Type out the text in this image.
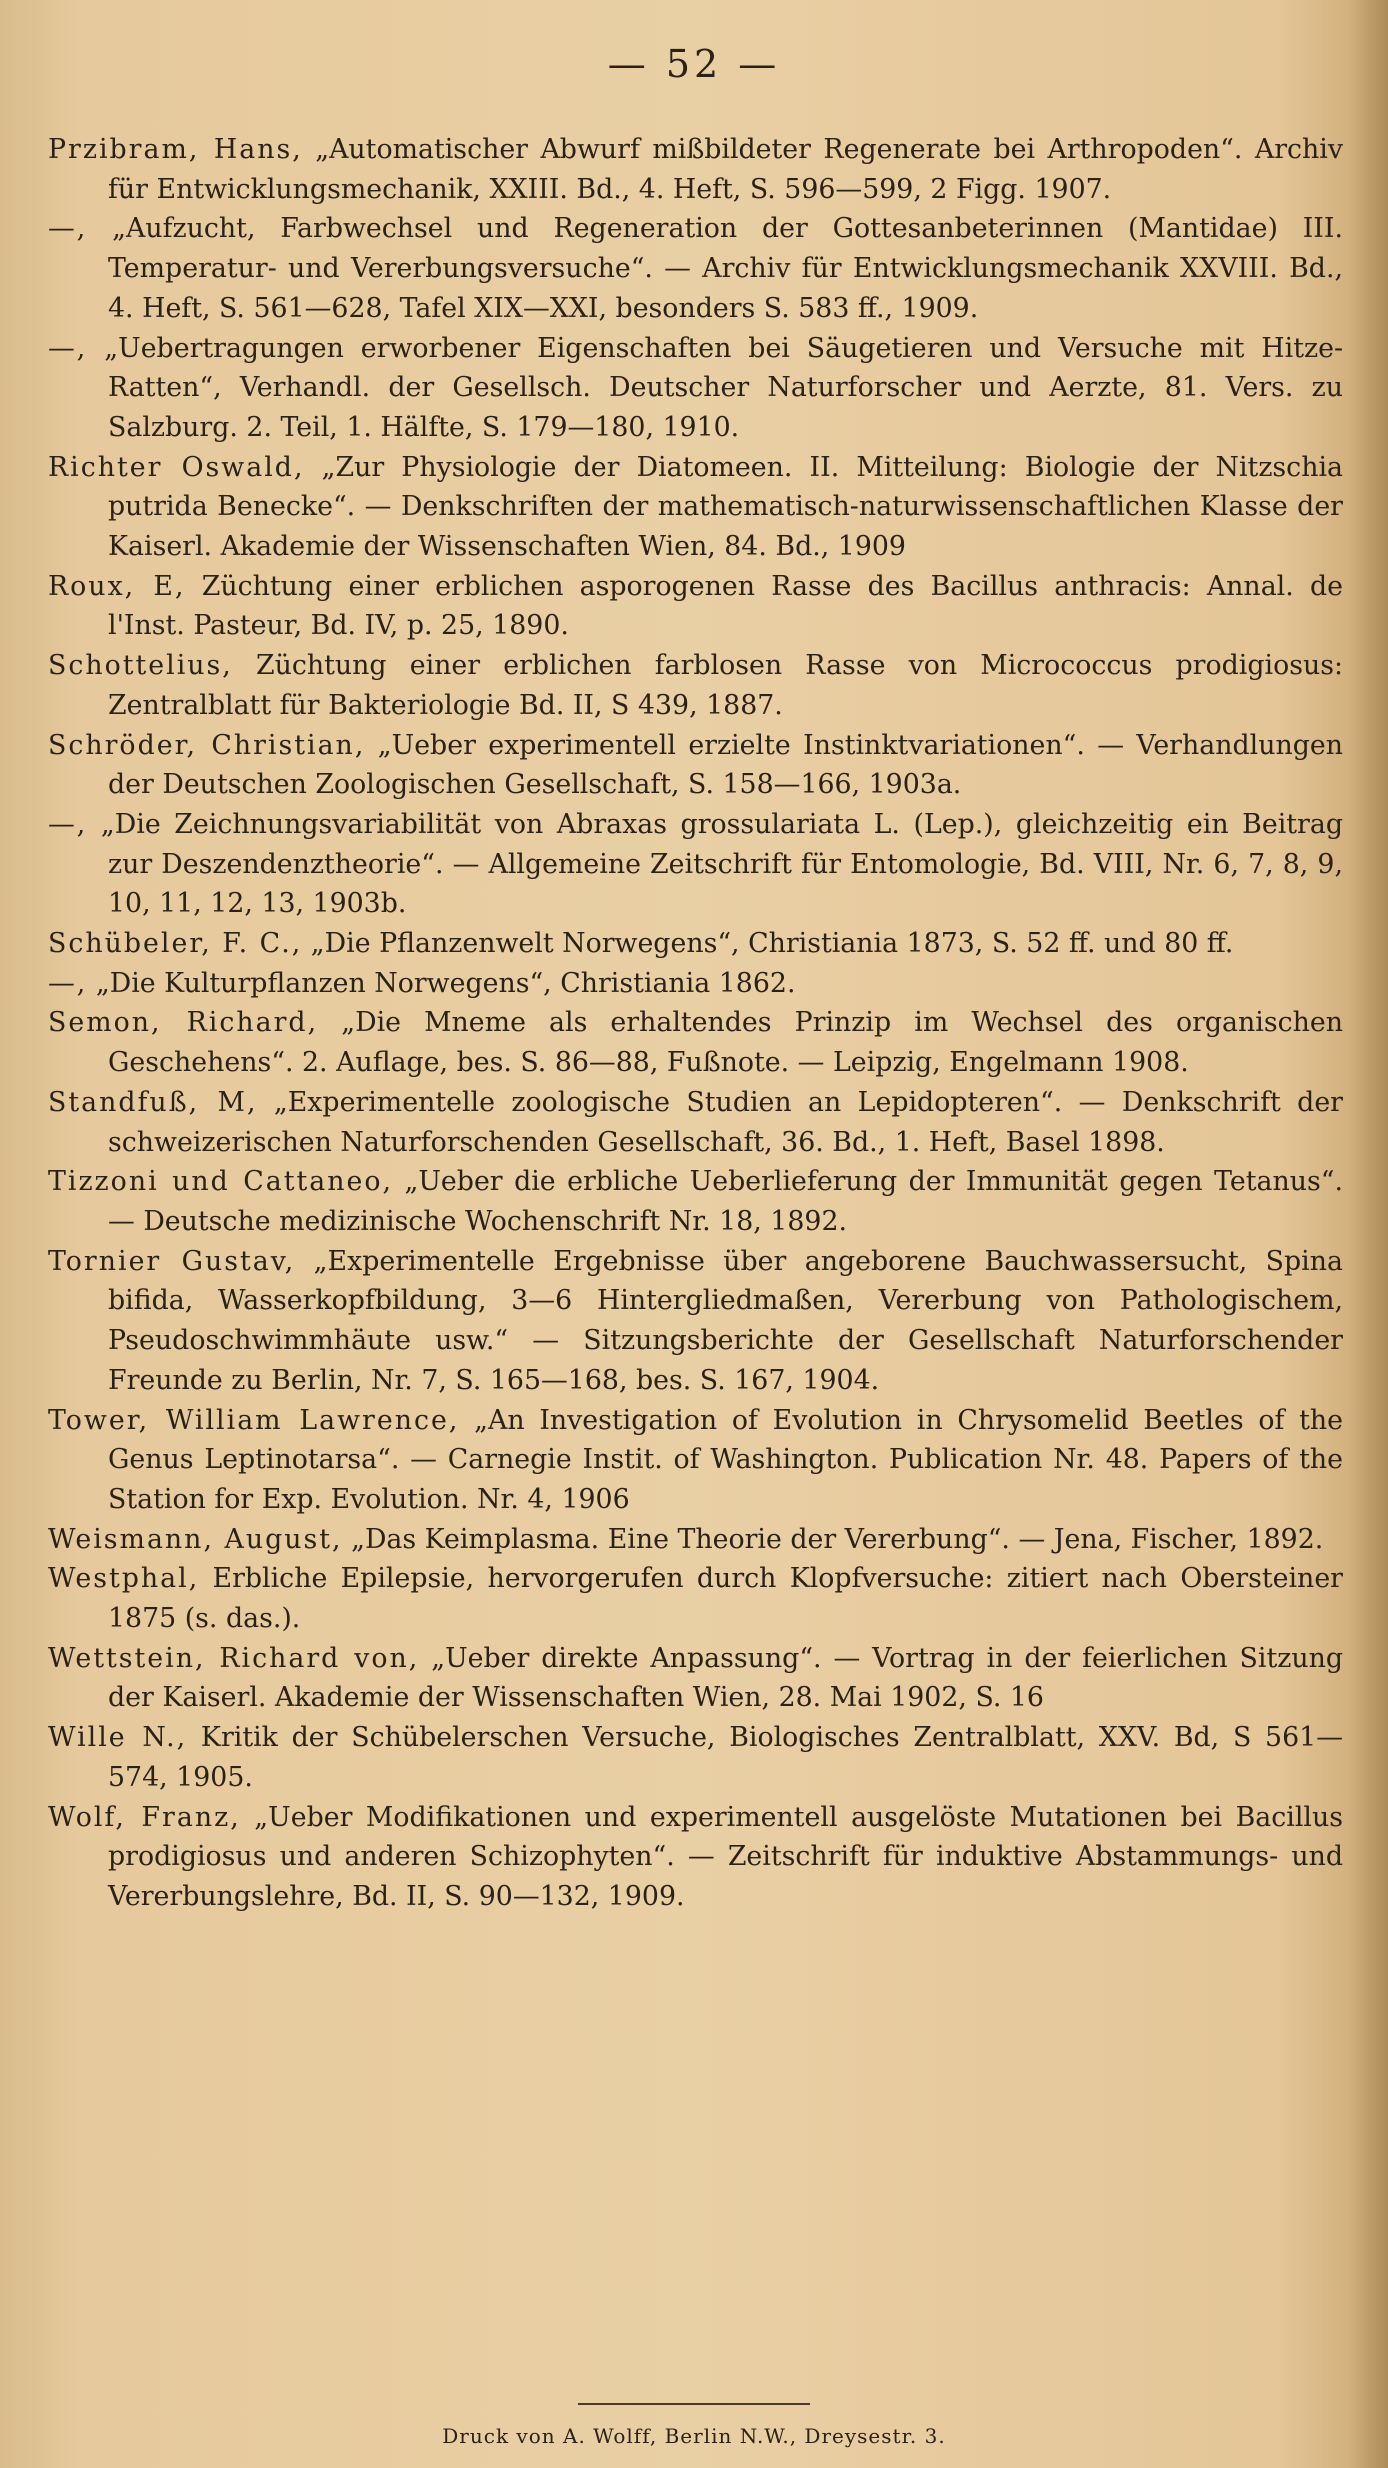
— 52 —

Przibram, Hans, „Automatischer Abwurf mißbildeter Regenerate bei Arthropoden“. Archiv für Entwicklungsmechanik, XXIII. Bd., 4. Heft, S. 596—599, 2 Figg. 1907.

—, „Aufzucht, Farbwechsel und Regeneration der Gottesanbeterinnen (Mantidae) III. Temperatur- und Vererbungsversuche“. — Archiv für Entwicklungsmechanik XXVIII. Bd., 4. Heft, S. 561—628, Tafel XIX—XXI, besonders S. 583 ff., 1909.

—, „Uebertragungen erworbener Eigenschaften bei Säugetieren und Versuche mit Hitze-Ratten“, Verhandl. der Gesellsch. Deutscher Naturforscher und Aerzte, 81. Vers. zu Salzburg. 2. Teil, 1. Hälfte, S. 179—180, 1910.

Richter Oswald, „Zur Physiologie der Diatomeen. II. Mitteilung: Biologie der Nitzschia putrida Benecke“. — Denkschriften der mathematisch-naturwissenschaftlichen Klasse der Kaiserl. Akademie der Wissenschaften Wien, 84. Bd., 1909

Roux, E, Züchtung einer erblichen asporogenen Rasse des Bacillus anthracis: Annal. de l'Inst. Pasteur, Bd. IV, p. 25, 1890.

Schottelius, Züchtung einer erblichen farblosen Rasse von Micrococcus prodigiosus: Zentralblatt für Bakteriologie Bd. II, S 439, 1887.

Schröder, Christian, „Ueber experimentell erzielte Instinktvariationen“. — Verhandlungen der Deutschen Zoologischen Gesellschaft, S. 158—166, 1903a.

—, „Die Zeichnungsvariabilität von Abraxas grossulariata L. (Lep.), gleichzeitig ein Beitrag zur Deszendenztheorie“. — Allgemeine Zeitschrift für Entomologie, Bd. VIII, Nr. 6, 7, 8, 9, 10, 11, 12, 13, 1903b.

Schübeler, F. C., „Die Pflanzenwelt Norwegens“, Christiania 1873, S. 52 ff. und 80 ff.

—, „Die Kulturpflanzen Norwegens“, Christiania 1862.

Semon, Richard, „Die Mneme als erhaltendes Prinzip im Wechsel des organischen Geschehens“. 2. Auflage, bes. S. 86—88, Fußnote. — Leipzig, Engelmann 1908.

Standfuß, M, „Experimentelle zoologische Studien an Lepidopteren“. — Denkschrift der schweizerischen Naturforschenden Gesellschaft, 36. Bd., 1. Heft, Basel 1898.

Tizzoni und Cattaneo, „Ueber die erbliche Ueberlieferung der Immunität gegen Tetanus“. — Deutsche medizinische Wochenschrift Nr. 18, 1892.

Tornier Gustav, „Experimentelle Ergebnisse über angeborene Bauchwassersucht, Spina bifida, Wasserkopfbildung, 3—6 Hintergliedmaßen, Vererbung von Pathologischem, Pseudoschwimmhäute usw.“ — Sitzungsberichte der Gesellschaft Naturforschender Freunde zu Berlin, Nr. 7, S. 165—168, bes. S. 167, 1904.

Tower, William Lawrence, „An Investigation of Evolution in Chrysomelid Beetles of the Genus Leptinotarsa“. — Carnegie Instit. of Washington. Publication Nr. 48. Papers of the Station for Exp. Evolution. Nr. 4, 1906

Weismann, August, „Das Keimplasma. Eine Theorie der Vererbung“. — Jena, Fischer, 1892.

Westphal, Erbliche Epilepsie, hervorgerufen durch Klopfversuche: zitiert nach Obersteiner 1875 (s. das.).

Wettstein, Richard von, „Ueber direkte Anpassung“. — Vortrag in der feierlichen Sitzung der Kaiserl. Akademie der Wissenschaften Wien, 28. Mai 1902, S. 16

Wille N., Kritik der Schübelerschen Versuche, Biologisches Zentralblatt, XXV. Bd, S 561—574, 1905.

Wolf, Franz, „Ueber Modifikationen und experimentell ausgelöste Mutationen bei Bacillus prodigiosus und anderen Schizophyten“. — Zeitschrift für induktive Abstammungs- und Vererbungslehre, Bd. II, S. 90—132, 1909.

Druck von A. Wolff, Berlin N.W., Dreysestr. 3.
